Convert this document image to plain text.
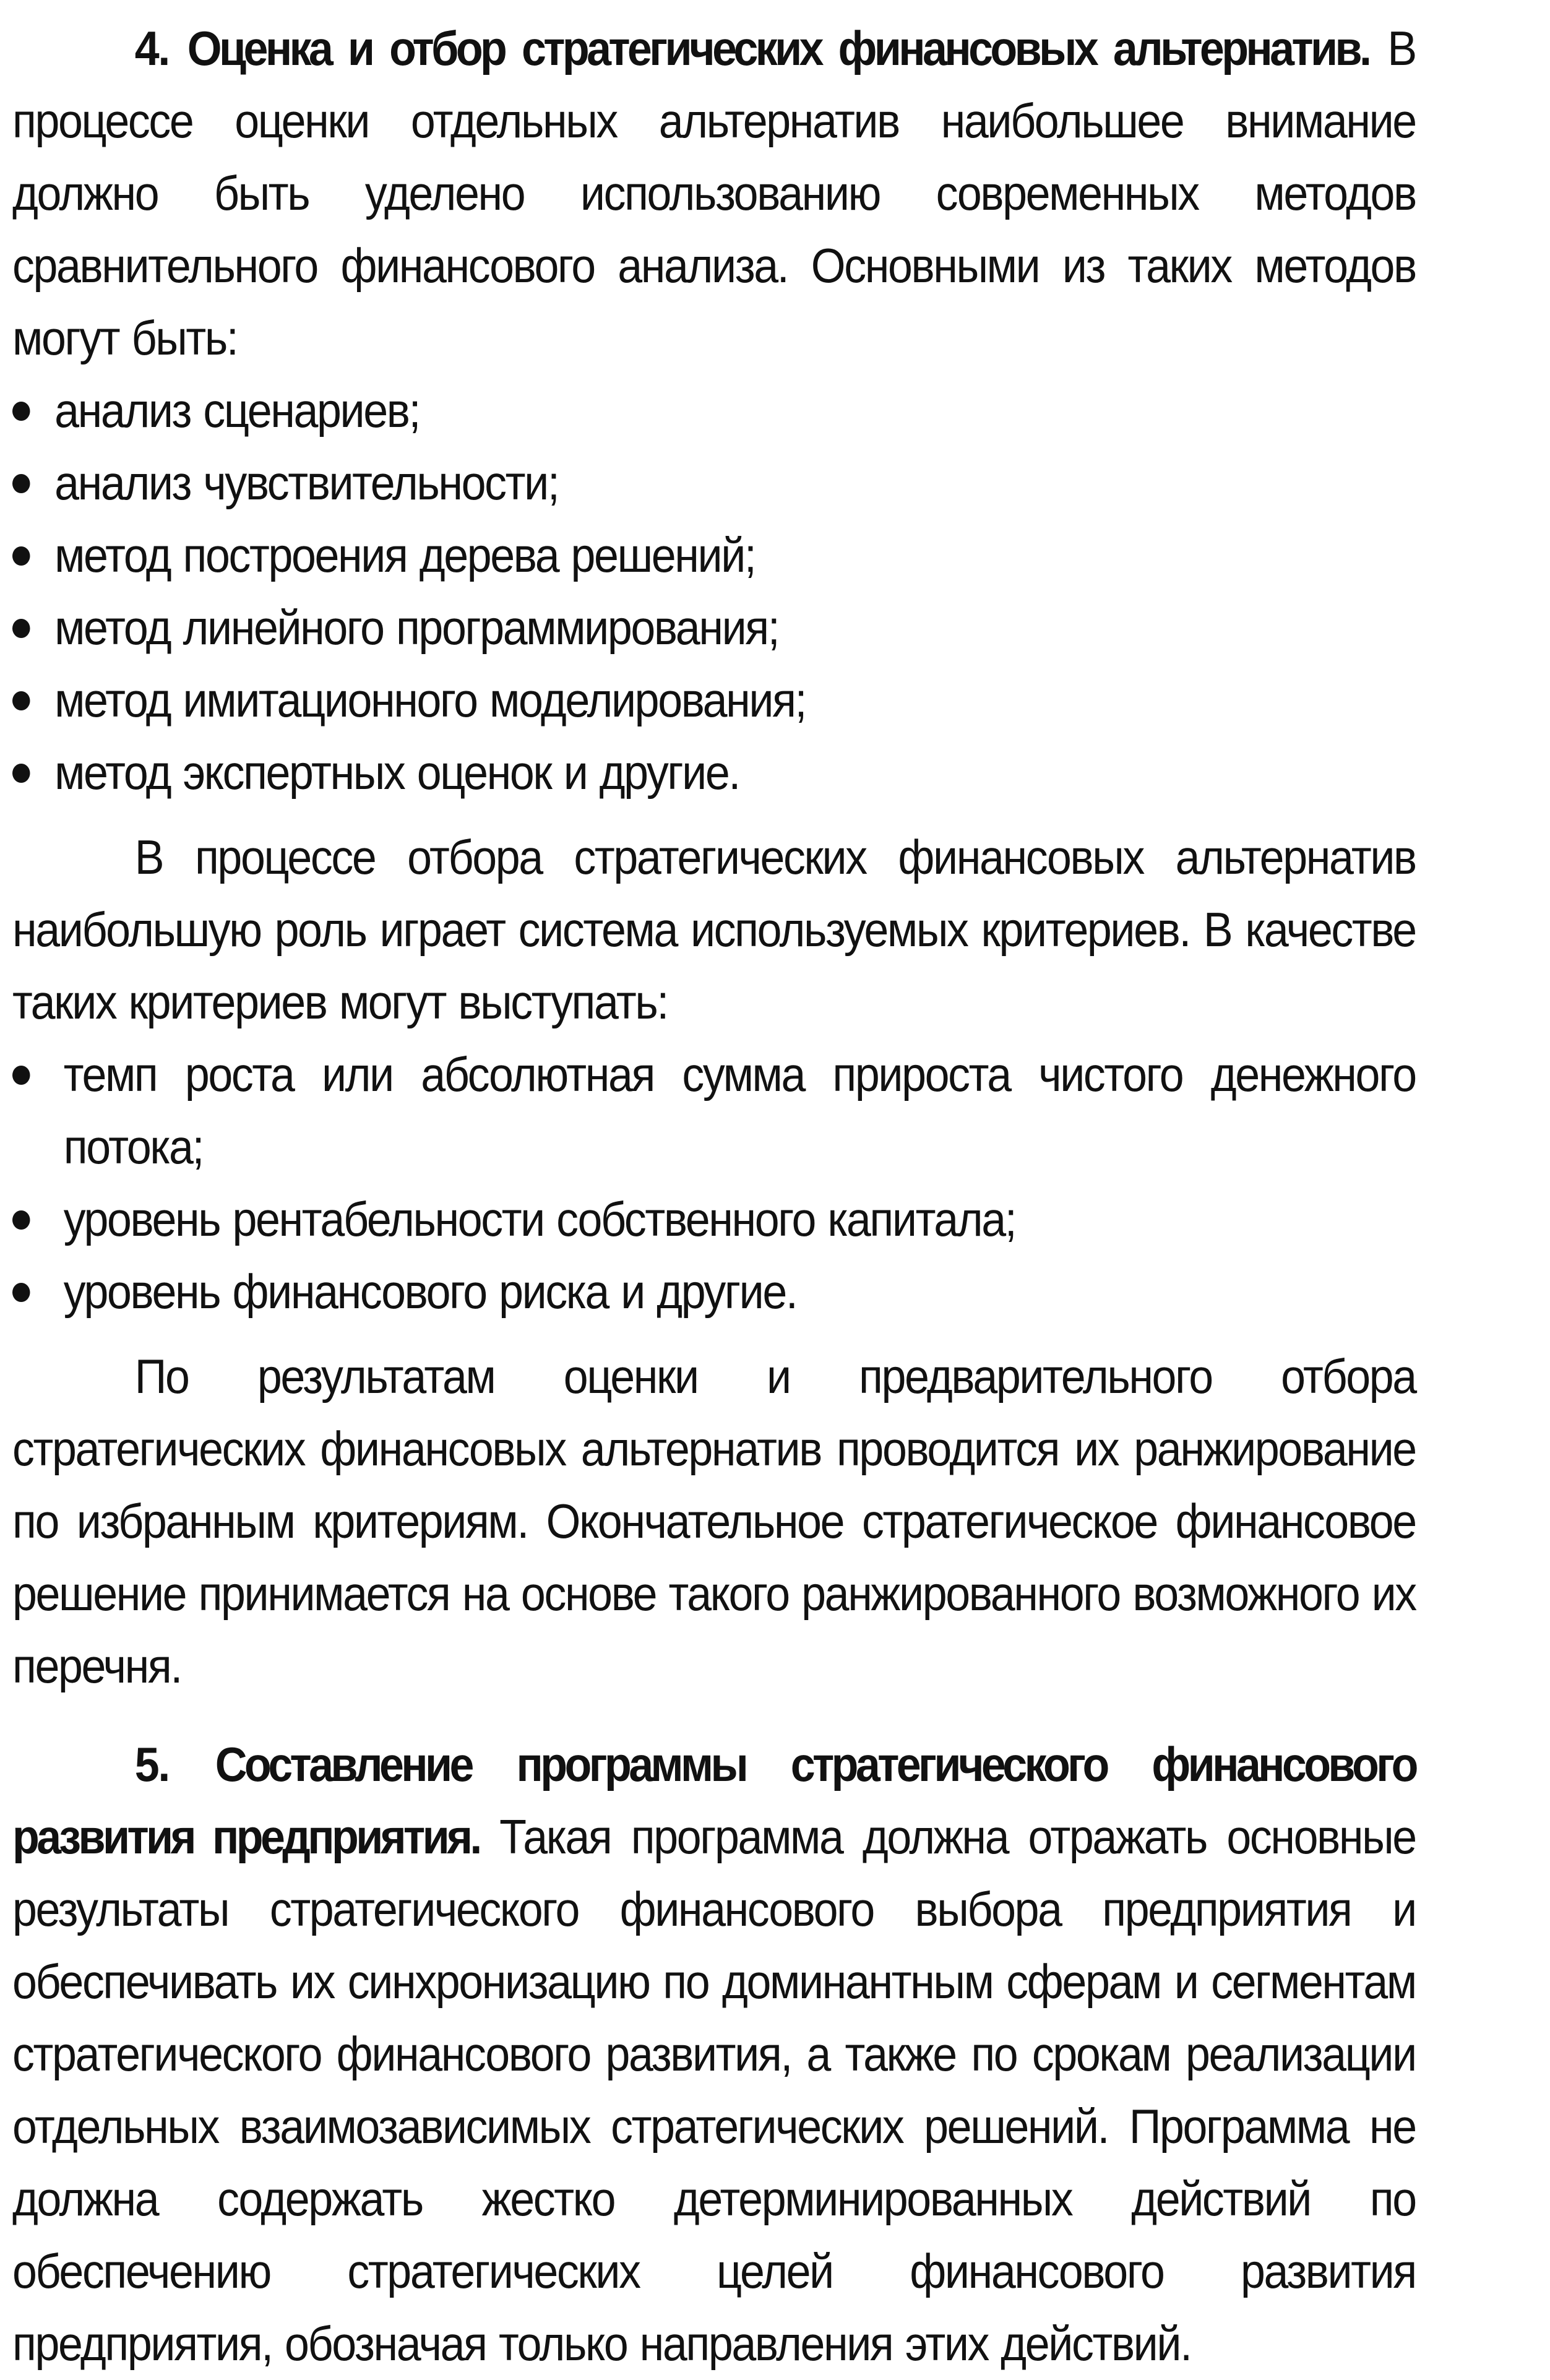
4. Оценка и отбор стратегических финансовых альтернатив. В процессе оценки отдельных альтернатив наибольшее внимание должно быть уделено использованию современных методов сравнительного финансового анализа. Основными из таких методов могут быть:

анализ сценариев;
анализ чувствительности;
метод построения дерева решений;
метод линейного программирования;
метод имитационного моделирования;
метод экспертных оценок и другие.

В процессе отбора стратегических финансовых альтернатив наибольшую роль играет система используемых критериев. В качестве таких критериев могут выступать:

темп роста или абсолютная сумма прироста чистого денежного потока;
уровень рентабельности собственного капитала;
уровень финансового риска и другие.

По результатам оценки и предварительного отбора стратегических финансовых альтернатив проводится их ранжирование по избранным критериям. Окончательное стратегическое финансовое решение принимается на основе такого ранжированного возможного их перечня.

5. Составление программы стратегического финансового развития предприятия. Такая программа должна отражать основные результаты стратегического финансового выбора предприятия и обеспечивать их синхронизацию по доминантным сферам и сегментам стратегического финансового развития, а также по срокам реализации отдельных взаимозависимых стратегических решений. Программа не должна содержать жестко детерминированных действий по обеспечению стратегических целей финансового развития предприятия, обозначая только направления этих действий.
